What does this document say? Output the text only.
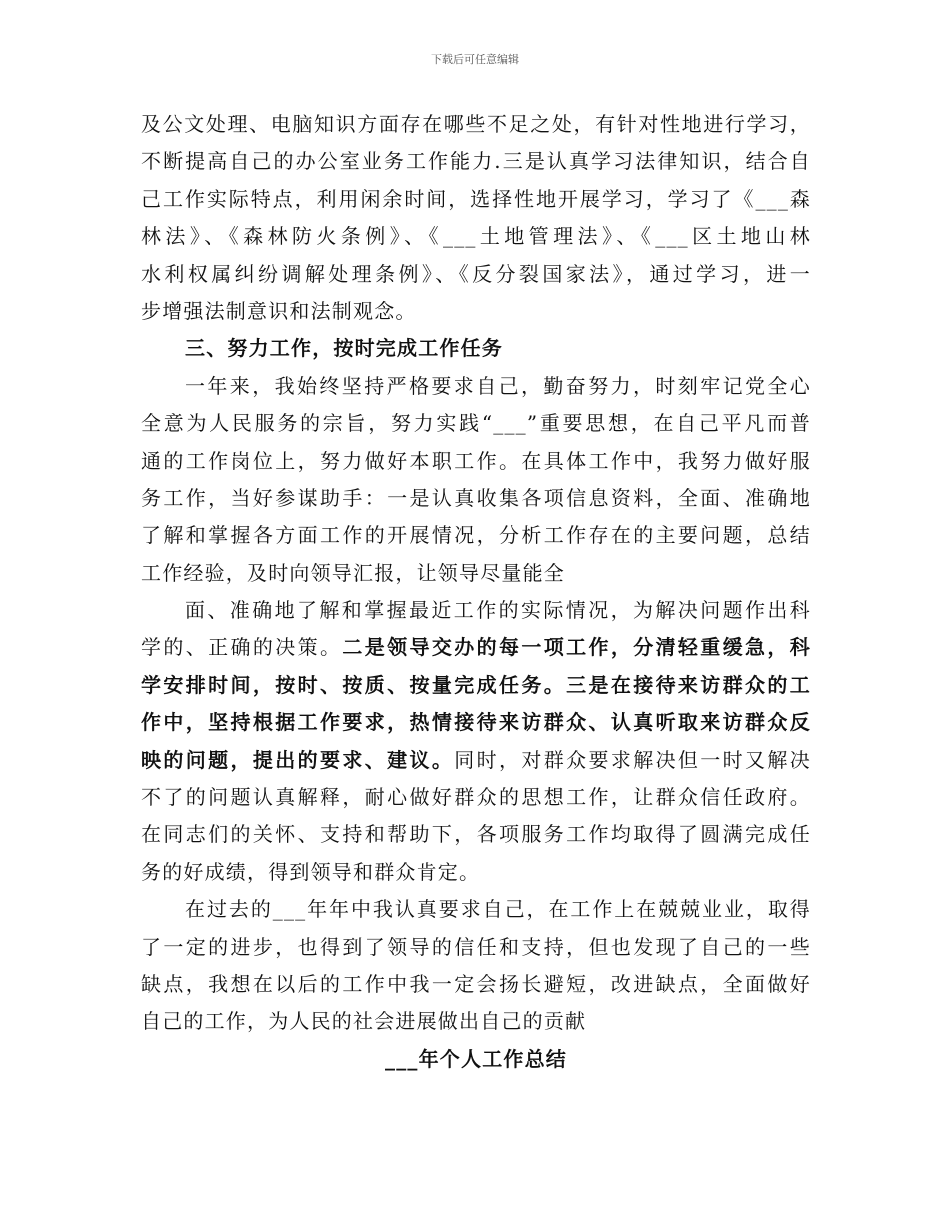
下载后可任意编辑
及公文处理、电脑知识方面存在哪些不足之处，有针对性地进行学习，
不断提高自己的办公室业务工作能力.三是认真学习法律知识，结合自
己工作实际特点，利用闲余时间，选择性地开展学习，学习了《___森
林法》、《森林防火条例》、《___土地管理法》、《___区土地山林
水利权属纠纷调解处理条例》、《反分裂国家法》，通过学习，进一
步增强法制意识和法制观念。
三、努力工作，按时完成工作任务
一年来，我始终坚持严格要求自己，勤奋努力，时刻牢记党全心
全意为人民服务的宗旨，努力实践“___”重要思想，在自己平凡而普
通的工作岗位上，努力做好本职工作。在具体工作中，我努力做好服
务工作，当好参谋助手：一是认真收集各项信息资料，全面、准确地
了解和掌握各方面工作的开展情况，分析工作存在的主要问题，总结
工作经验，及时向领导汇报，让领导尽量能全
面、准确地了解和掌握最近工作的实际情况，为解决问题作出科
学的、正确的决策。二是领导交办的每一项工作，分清轻重缓急，科
学安排时间，按时、按质、按量完成任务。三是在接待来访群众的工
作中，坚持根据工作要求，热情接待来访群众、认真听取来访群众反
映的问题，提出的要求、建议。同时，对群众要求解决但一时又解决
不了的问题认真解释，耐心做好群众的思想工作，让群众信任政府。
在同志们的关怀、支持和帮助下，各项服务工作均取得了圆满完成任
务的好成绩，得到领导和群众肯定。
在过去的___年年中我认真要求自己，在工作上在兢兢业业，取得
了一定的进步，也得到了领导的信任和支持，但也发现了自己的一些
缺点，我想在以后的工作中我一定会扬长避短，改进缺点，全面做好
自己的工作，为人民的社会进展做出自己的贡献
___年个人工作总结
